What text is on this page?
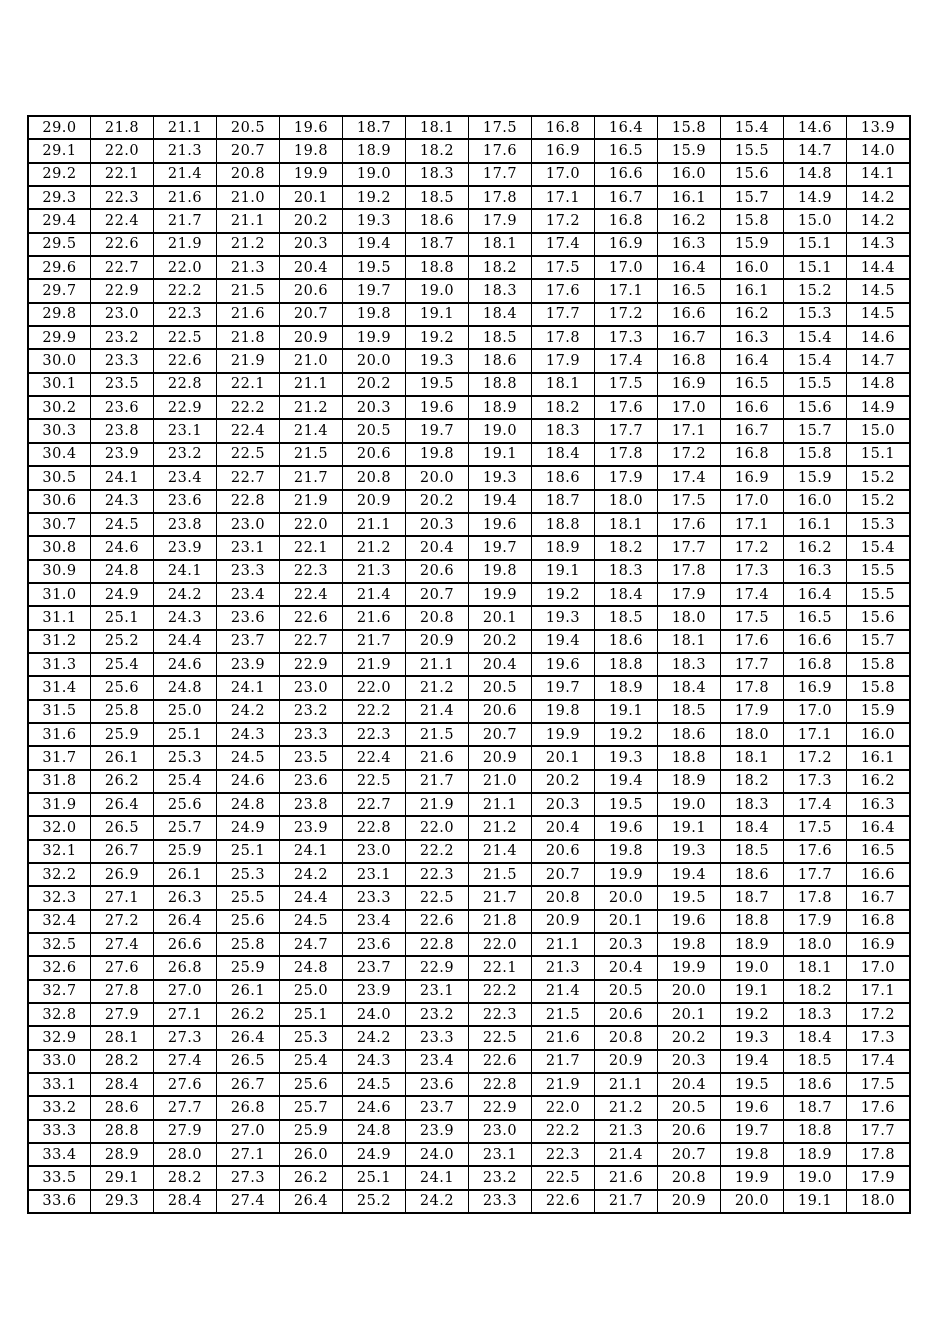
29.0	21.8	21.1	20.5	19.6	18.7	18.1	17.5	16.8	16.4	15.8	15.4	14.6	13.9
29.1	22.0	21.3	20.7	19.8	18.9	18.2	17.6	16.9	16.5	15.9	15.5	14.7	14.0
29.2	22.1	21.4	20.8	19.9	19.0	18.3	17.7	17.0	16.6	16.0	15.6	14.8	14.1
29.3	22.3	21.6	21.0	20.1	19.2	18.5	17.8	17.1	16.7	16.1	15.7	14.9	14.2
29.4	22.4	21.7	21.1	20.2	19.3	18.6	17.9	17.2	16.8	16.2	15.8	15.0	14.2
29.5	22.6	21.9	21.2	20.3	19.4	18.7	18.1	17.4	16.9	16.3	15.9	15.1	14.3
29.6	22.7	22.0	21.3	20.4	19.5	18.8	18.2	17.5	17.0	16.4	16.0	15.1	14.4
29.7	22.9	22.2	21.5	20.6	19.7	19.0	18.3	17.6	17.1	16.5	16.1	15.2	14.5
29.8	23.0	22.3	21.6	20.7	19.8	19.1	18.4	17.7	17.2	16.6	16.2	15.3	14.5
29.9	23.2	22.5	21.8	20.9	19.9	19.2	18.5	17.8	17.3	16.7	16.3	15.4	14.6
30.0	23.3	22.6	21.9	21.0	20.0	19.3	18.6	17.9	17.4	16.8	16.4	15.4	14.7
30.1	23.5	22.8	22.1	21.1	20.2	19.5	18.8	18.1	17.5	16.9	16.5	15.5	14.8
30.2	23.6	22.9	22.2	21.2	20.3	19.6	18.9	18.2	17.6	17.0	16.6	15.6	14.9
30.3	23.8	23.1	22.4	21.4	20.5	19.7	19.0	18.3	17.7	17.1	16.7	15.7	15.0
30.4	23.9	23.2	22.5	21.5	20.6	19.8	19.1	18.4	17.8	17.2	16.8	15.8	15.1
30.5	24.1	23.4	22.7	21.7	20.8	20.0	19.3	18.6	17.9	17.4	16.9	15.9	15.2
30.6	24.3	23.6	22.8	21.9	20.9	20.2	19.4	18.7	18.0	17.5	17.0	16.0	15.2
30.7	24.5	23.8	23.0	22.0	21.1	20.3	19.6	18.8	18.1	17.6	17.1	16.1	15.3
30.8	24.6	23.9	23.1	22.1	21.2	20.4	19.7	18.9	18.2	17.7	17.2	16.2	15.4
30.9	24.8	24.1	23.3	22.3	21.3	20.6	19.8	19.1	18.3	17.8	17.3	16.3	15.5
31.0	24.9	24.2	23.4	22.4	21.4	20.7	19.9	19.2	18.4	17.9	17.4	16.4	15.5
31.1	25.1	24.3	23.6	22.6	21.6	20.8	20.1	19.3	18.5	18.0	17.5	16.5	15.6
31.2	25.2	24.4	23.7	22.7	21.7	20.9	20.2	19.4	18.6	18.1	17.6	16.6	15.7
31.3	25.4	24.6	23.9	22.9	21.9	21.1	20.4	19.6	18.8	18.3	17.7	16.8	15.8
31.4	25.6	24.8	24.1	23.0	22.0	21.2	20.5	19.7	18.9	18.4	17.8	16.9	15.8
31.5	25.8	25.0	24.2	23.2	22.2	21.4	20.6	19.8	19.1	18.5	17.9	17.0	15.9
31.6	25.9	25.1	24.3	23.3	22.3	21.5	20.7	19.9	19.2	18.6	18.0	17.1	16.0
31.7	26.1	25.3	24.5	23.5	22.4	21.6	20.9	20.1	19.3	18.8	18.1	17.2	16.1
31.8	26.2	25.4	24.6	23.6	22.5	21.7	21.0	20.2	19.4	18.9	18.2	17.3	16.2
31.9	26.4	25.6	24.8	23.8	22.7	21.9	21.1	20.3	19.5	19.0	18.3	17.4	16.3
32.0	26.5	25.7	24.9	23.9	22.8	22.0	21.2	20.4	19.6	19.1	18.4	17.5	16.4
32.1	26.7	25.9	25.1	24.1	23.0	22.2	21.4	20.6	19.8	19.3	18.5	17.6	16.5
32.2	26.9	26.1	25.3	24.2	23.1	22.3	21.5	20.7	19.9	19.4	18.6	17.7	16.6
32.3	27.1	26.3	25.5	24.4	23.3	22.5	21.7	20.8	20.0	19.5	18.7	17.8	16.7
32.4	27.2	26.4	25.6	24.5	23.4	22.6	21.8	20.9	20.1	19.6	18.8	17.9	16.8
32.5	27.4	26.6	25.8	24.7	23.6	22.8	22.0	21.1	20.3	19.8	18.9	18.0	16.9
32.6	27.6	26.8	25.9	24.8	23.7	22.9	22.1	21.3	20.4	19.9	19.0	18.1	17.0
32.7	27.8	27.0	26.1	25.0	23.9	23.1	22.2	21.4	20.5	20.0	19.1	18.2	17.1
32.8	27.9	27.1	26.2	25.1	24.0	23.2	22.3	21.5	20.6	20.1	19.2	18.3	17.2
32.9	28.1	27.3	26.4	25.3	24.2	23.3	22.5	21.6	20.8	20.2	19.3	18.4	17.3
33.0	28.2	27.4	26.5	25.4	24.3	23.4	22.6	21.7	20.9	20.3	19.4	18.5	17.4
33.1	28.4	27.6	26.7	25.6	24.5	23.6	22.8	21.9	21.1	20.4	19.5	18.6	17.5
33.2	28.6	27.7	26.8	25.7	24.6	23.7	22.9	22.0	21.2	20.5	19.6	18.7	17.6
33.3	28.8	27.9	27.0	25.9	24.8	23.9	23.0	22.2	21.3	20.6	19.7	18.8	17.7
33.4	28.9	28.0	27.1	26.0	24.9	24.0	23.1	22.3	21.4	20.7	19.8	18.9	17.8
33.5	29.1	28.2	27.3	26.2	25.1	24.1	23.2	22.5	21.6	20.8	19.9	19.0	17.9
33.6	29.3	28.4	27.4	26.4	25.2	24.2	23.3	22.6	21.7	20.9	20.0	19.1	18.0
